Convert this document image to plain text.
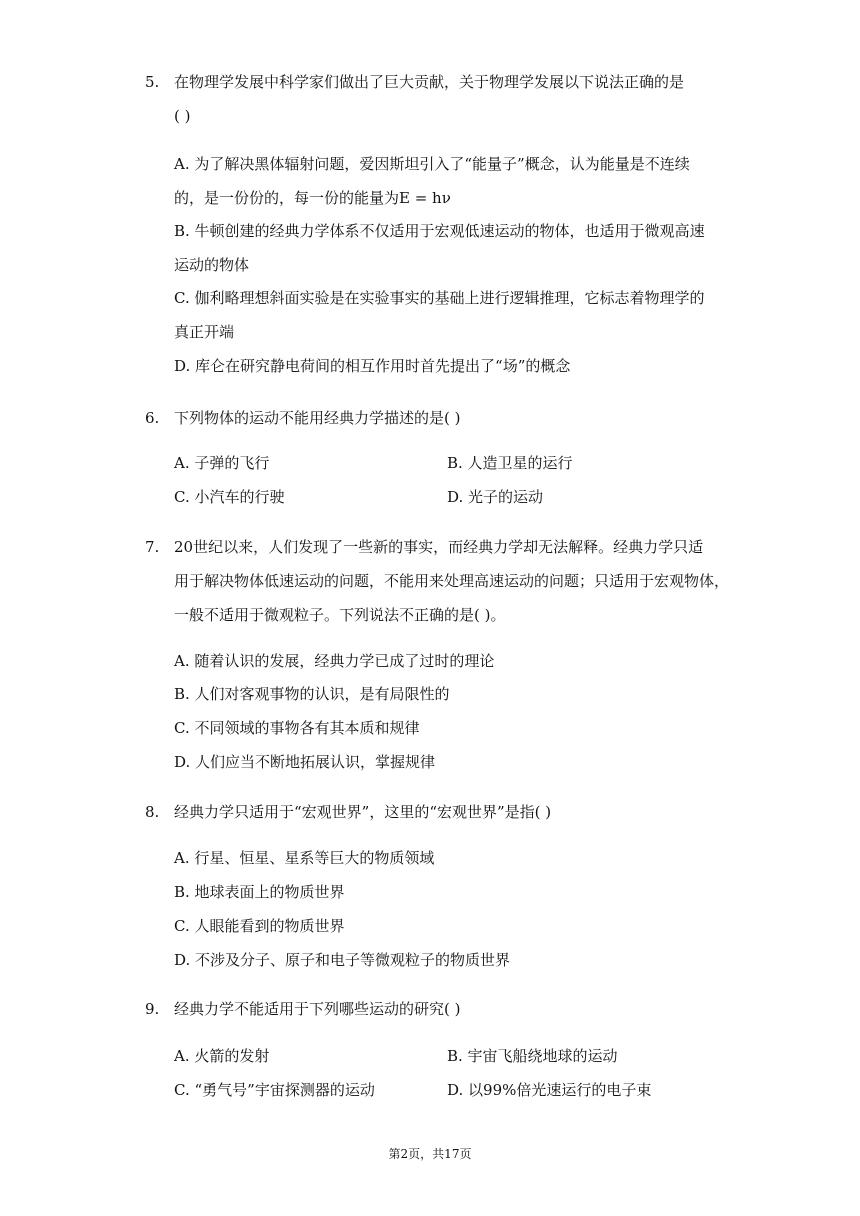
5. 在物理学发展中科学家们做出了巨大贡献，关于物理学发展以下说法正确的是
( )
A. 为了解决黑体辐射问题，爱因斯坦引入了“能量子”概念，认为能量是不连续
的，是一份份的，每一份的能量为E = hν
B. 牛顿创建的经典力学体系不仅适用于宏观低速运动的物体，也适用于微观高速
运动的物体
C. 伽利略理想斜面实验是在实验事实的基础上进行逻辑推理，它标志着物理学的
真正开端
D. 库仑在研究静电荷间的相互作用时首先提出了“场”的概念
6. 下列物体的运动不能用经典力学描述的是( )
A. 子弹的飞行	B. 人造卫星的运行
C. 小汽车的行驶	D. 光子的运动
7. 20世纪以来，人们发现了一些新的事实，而经典力学却无法解释。经典力学只适
用于解决物体低速运动的问题，不能用来处理高速运动的问题；只适用于宏观物体，
一般不适用于微观粒子。下列说法不正确的是( )。
A. 随着认识的发展，经典力学已成了过时的理论
B. 人们对客观事物的认识，是有局限性的
C. 不同领域的事物各有其本质和规律
D. 人们应当不断地拓展认识，掌握规律
8. 经典力学只适用于“宏观世界”，这里的“宏观世界”是指( )
A. 行星、恒星、星系等巨大的物质领域
B. 地球表面上的物质世界
C. 人眼能看到的物质世界
D. 不涉及分子、原子和电子等微观粒子的物质世界
9. 经典力学不能适用于下列哪些运动的研究( )
A. 火箭的发射	B. 宇宙飞船绕地球的运动
C. “勇气号”宇宙探测器的运动	D. 以99%倍光速运行的电子束
第2页，共17页
